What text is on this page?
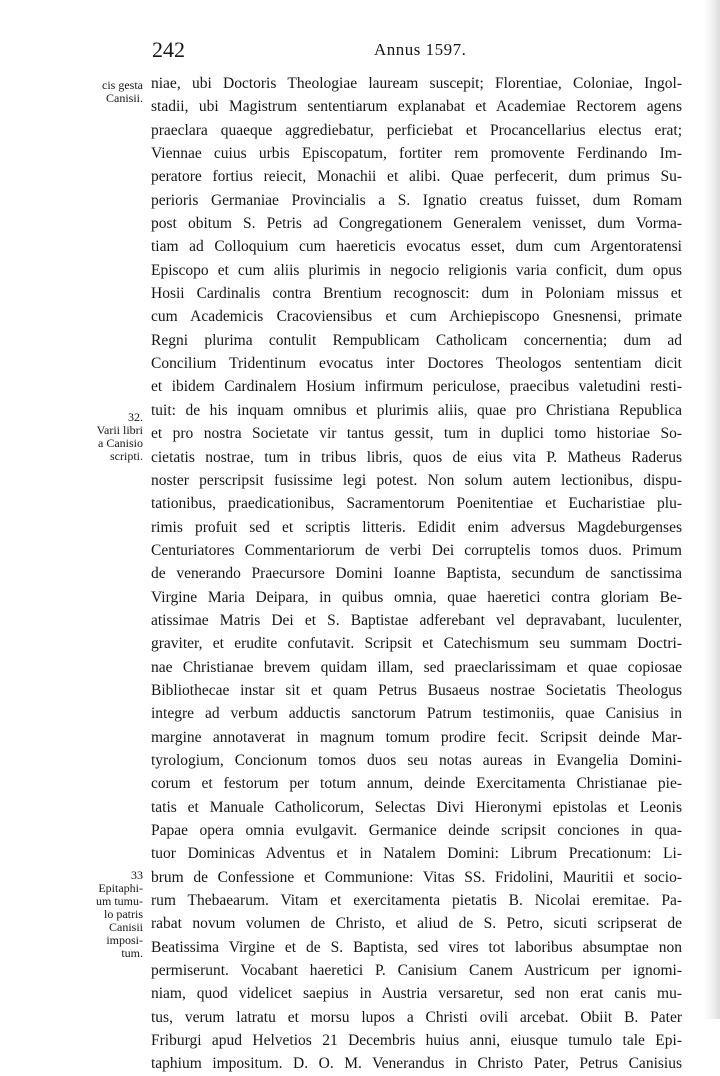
242	Annus 1597.
cis gesta
Canisii.
32.
Varii libri
a Canisio
scripti.
33
Epitaphi-
um tumu-
lo patris
Canisii
imposi-
tum.
niae, ubi Doctoris Theologiae lauream suscepit; Florentiae, Coloniae, Ingol-
stadii, ubi Magistrum sententiarum explanabat et Academiae Rectorem agens
praeclara quaeque aggrediebatur, perficiebat et Procancellarius electus erat;
Viennae cuius urbis Episcopatum, fortiter rem promovente Ferdinando Im-
peratore fortius reiecit, Monachii et alibi. Quae perfecerit, dum primus Su-
perioris Germaniae Provincialis a S. Ignatio creatus fuisset, dum Romam
post obitum S. Petris ad Congregationem Generalem venisset, dum Vorma-
tiam ad Colloquium cum haereticis evocatus esset, dum cum Argentoratensi
Episcopo et cum aliis plurimis in negocio religionis varia conficit, dum opus
Hosii Cardinalis contra Brentium recognoscit: dum in Poloniam missus et
cum Academicis Cracoviensibus et cum Archiepiscopo Gnesnensi, primate
Regni plurima contulit Rempublicam Catholicam concernentia; dum ad
Concilium Tridentinum evocatus inter Doctores Theologos sententiam dicit
et ibidem Cardinalem Hosium infirmum periculose, praecibus valetudini resti-
tuit: de his inquam omnibus et plurimis aliis, quae pro Christiana Republica
et pro nostra Societate vir tantus gessit, tum in duplici tomo historiae So-
cietatis nostrae, tum in tribus libris, quos de eius vita P. Matheus Raderus
noster perscripsit fusissime legi potest. Non solum autem lectionibus, dispu-
tationibus, praedicationibus, Sacramentorum Poenitentiae et Eucharistiae plu-
rimis profuit sed et scriptis litteris. Edidit enim adversus Magdeburgenses
Centuriatores Commentariorum de verbi Dei corruptelis tomos duos. Primum
de venerando Praecursore Domini Ioanne Baptista, secundum de sanctissima
Virgine Maria Deipara, in quibus omnia, quae haeretici contra gloriam Be-
atissimae Matris Dei et S. Baptistae adferebant vel depravabant, luculenter,
graviter, et erudite confutavit. Scripsit et Catechismum seu summam Doctri-
nae Christianae brevem quidam illam, sed praeclarissimam et quae copiosae
Bibliothecae instar sit et quam Petrus Busaeus nostrae Societatis Theologus
integre ad verbum adductis sanctorum Patrum testimoniis, quae Canisius in
margine annotaverat in magnum tomum prodire fecit. Scripsit deinde Mar-
tyrologium, Concionum tomos duos seu notas aureas in Evangelia Domini-
corum et festorum per totum annum, deinde Exercitamenta Christianae pie-
tatis et Manuale Catholicorum, Selectas Divi Hieronymi epistolas et Leonis
Papae opera omnia evulgavit. Germanice deinde scripsit conciones in qua-
tuor Dominicas Adventus et in Natalem Domini: Librum Precationum: Li-
brum de Confessione et Communione: Vitas SS. Fridolini, Mauritii et socio-
rum Thebaearum. Vitam et exercitamenta pietatis B. Nicolai eremitae. Pa-
rabat novum volumen de Christo, et aliud de S. Petro, sicuti scripserat de
Beatissima Virgine et de S. Baptista, sed vires tot laboribus absumptae non
permiserunt. Vocabant haeretici P. Canisium Canem Austricum per ignomi-
niam, quod videlicet saepius in Austria versaretur, sed non erat canis mu-
tus, verum latratu et morsu lupos a Christi ovili arcebat. Obiit B. Pater
Friburgi apud Helvetios 21 Decembris huius anni, eiusque tumulo tale Epi-
taphium impositum. D. O. M. Venerandus in Christo Pater, Petrus Canisius
